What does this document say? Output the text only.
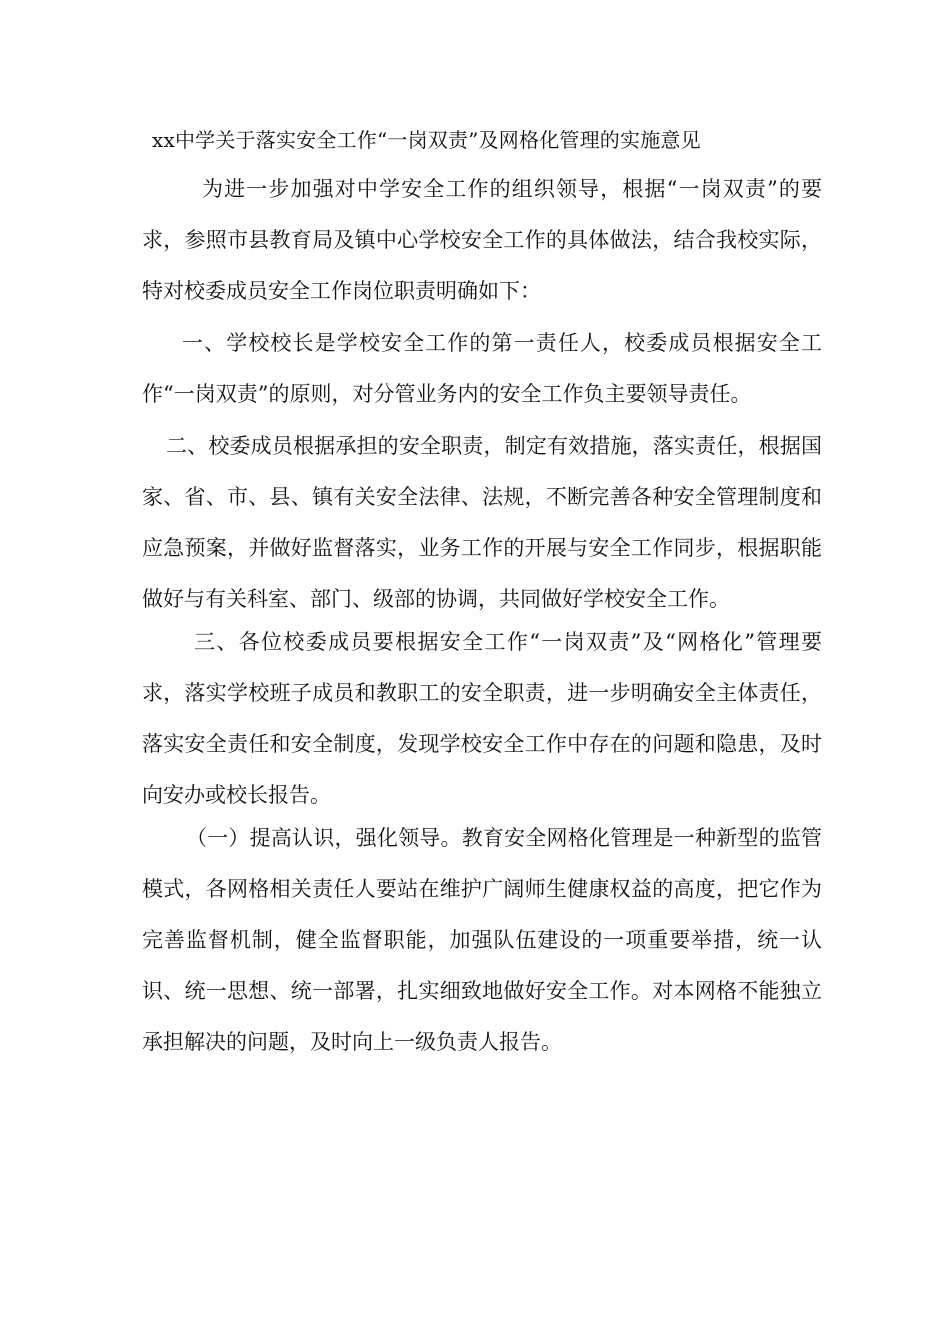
xx中学关于落实安全工作“一岗双责”及网格化管理的实施意见

为进一步加强对中学安全工作的组织领导，根据“一岗双责”的要求，参照市县教育局及镇中心学校安全工作的具体做法，结合我校实际，特对校委成员安全工作岗位职责明确如下：

一、学校校长是学校安全工作的第一责任人，校委成员根据安全工作“一岗双责”的原则，对分管业务内的安全工作负主要领导责任。

二、校委成员根据承担的安全职责，制定有效措施，落实责任，根据国家、省、市、县、镇有关安全法律、法规，不断完善各种安全管理制度和应急预案，并做好监督落实，业务工作的开展与安全工作同步，根据职能做好与有关科室、部门、级部的协调，共同做好学校安全工作。

三、各位校委成员要根据安全工作“一岗双责”及“网格化”管理要求，落实学校班子成员和教职工的安全职责，进一步明确安全主体责任，落实安全责任和安全制度，发现学校安全工作中存在的问题和隐患，及时向安办或校长报告。

（一）提高认识，强化领导。教育安全网格化管理是一种新型的监管模式，各网格相关责任人要站在维护广阔师生健康权益的高度，把它作为完善监督机制，健全监督职能，加强队伍建设的一项重要举措，统一认识、统一思想、统一部署，扎实细致地做好安全工作。对本网格不能独立承担解决的问题，及时向上一级负责人报告。
